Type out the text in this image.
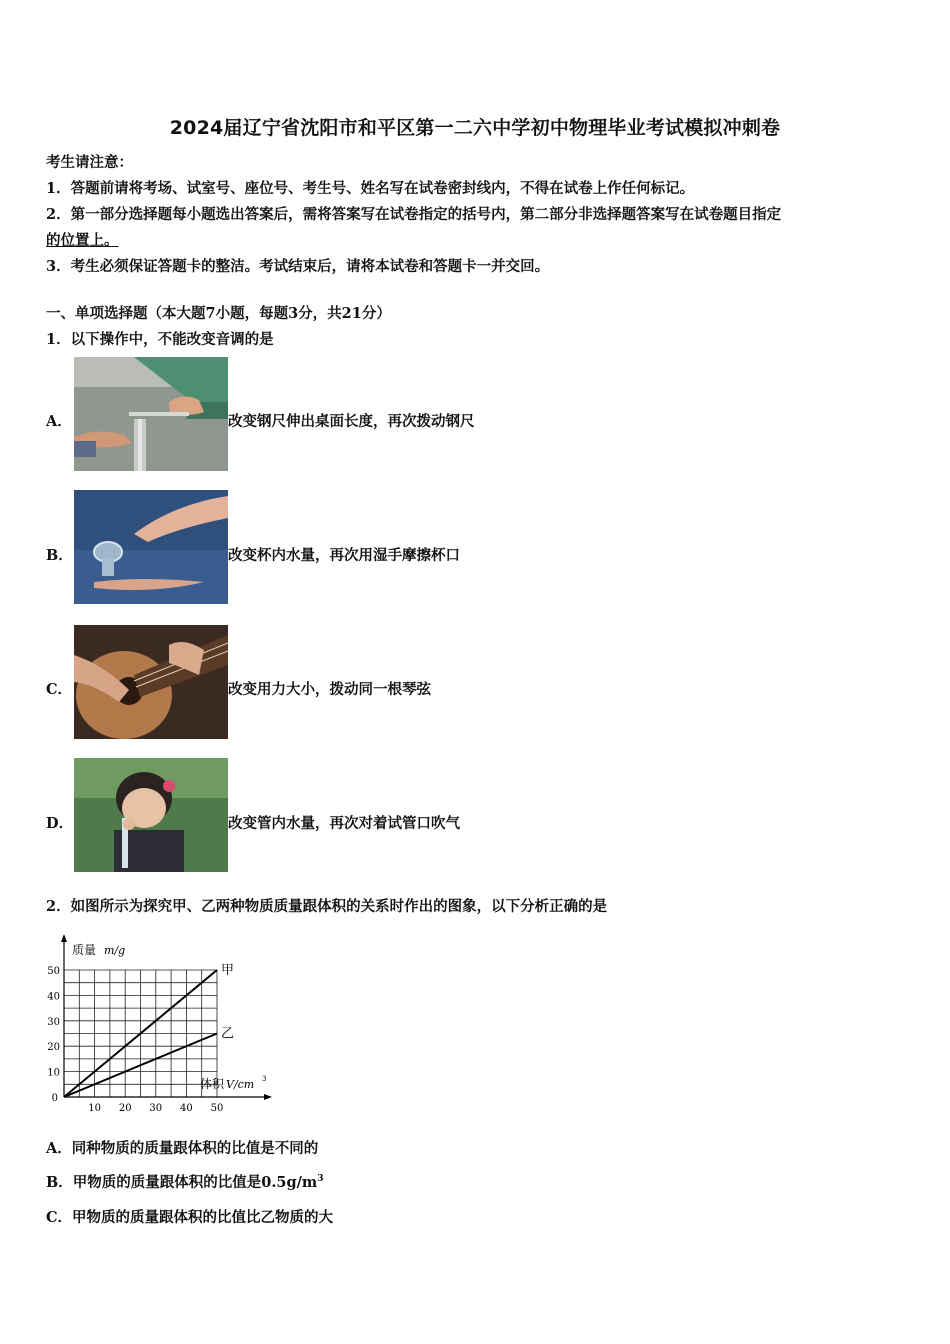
2024届辽宁省沈阳市和平区第一二六中学初中物理毕业考试模拟冲刺卷
考生请注意：
1．答题前请将考场、试室号、座位号、考生号、姓名写在试卷密封线内，不得在试卷上作任何标记。
2．第一部分选择题每小题选出答案后，需将答案写在试卷指定的括号内，第二部分非选择题答案写在试卷题目指定
的位置上。
3．考生必须保证答题卡的整洁。考试结束后，请将本试卷和答题卡一并交回。
一、单项选择题（本大题7小题，每题3分，共21分）
1．以下操作中，不能改变音调的是
A．	改变钢尺伸出桌面长度，再次拨动钢尺
B．	改变杯内水量，再次用湿手摩擦杯口
C．	改变用力大小，拨动同一根琴弦
D．	改变管内水量，再次对着试管口吹气
2．如图所示为探究甲、乙两种物质质量跟体积的关系时作出的图象，以下分析正确的是
10 20 30 40 50
10
20
30
40
50
0
质量 m/g
体积 V/cm 3
甲
乙
A．同种物质的质量跟体积的比值是不同的
B．甲物质的质量跟体积的比值是$0.5g/m^3$
C．甲物质的质量跟体积的比值比乙物质的大
